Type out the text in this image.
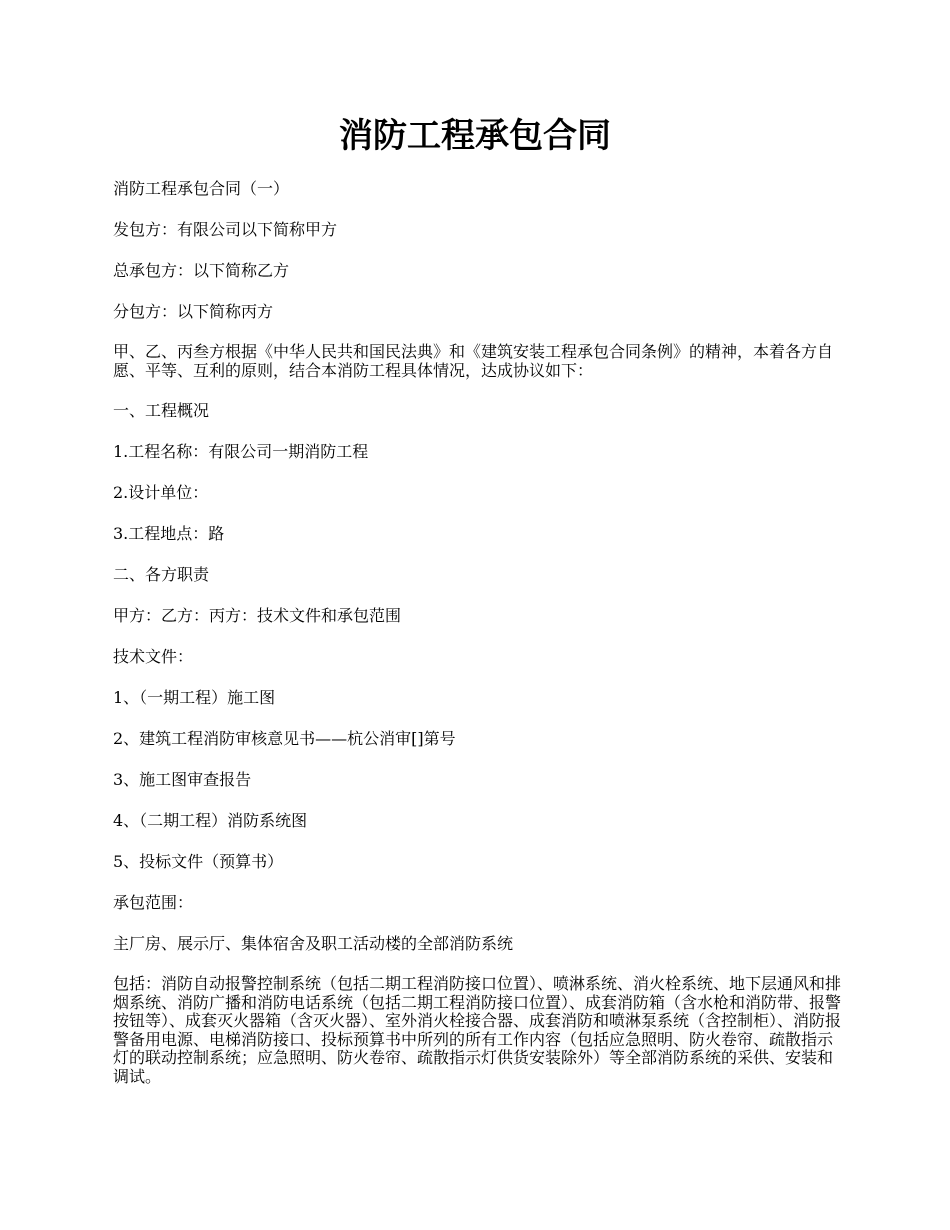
消防工程承包合同

消防工程承包合同（一）

发包方：有限公司以下简称甲方

总承包方：以下简称乙方

分包方：以下简称丙方

甲、乙、丙叁方根据《中华人民共和国民法典》和《建筑安装工程承包合同条例》的精神，本着各方自愿、平等、互利的原则，结合本消防工程具体情况，达成协议如下：

一、工程概况

1.工程名称：有限公司一期消防工程

2.设计单位：

3.工程地点：路

二、各方职责

甲方：乙方：丙方：技术文件和承包范围

技术文件：

1、（一期工程）施工图

2、建筑工程消防审核意见书——杭公消审[]第号

3、施工图审查报告

4、（二期工程）消防系统图

5、投标文件（预算书）

承包范围：

主厂房、展示厅、集体宿舍及职工活动楼的全部消防系统

包括：消防自动报警控制系统（包括二期工程消防接口位置）、喷淋系统、消火栓系统、地下层通风和排烟系统、消防广播和消防电话系统（包括二期工程消防接口位置）、成套消防箱（含水枪和消防带、报警按钮等）、成套灭火器箱（含灭火器）、室外消火栓接合器、成套消防和喷淋泵系统（含控制柜）、消防报警备用电源、电梯消防接口、投标预算书中所列的所有工作内容（包括应急照明、防火卷帘、疏散指示灯的联动控制系统；应急照明、防火卷帘、疏散指示灯供货安装除外）等全部消防系统的采供、安装和调试。
